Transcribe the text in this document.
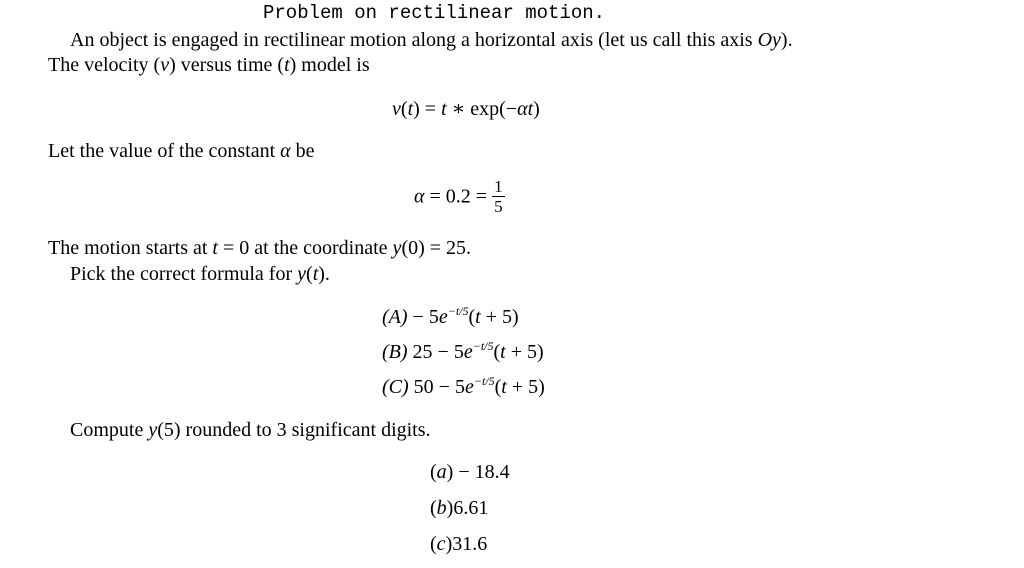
Problem on rectilinear motion.
An object is engaged in rectilinear motion along a horizontal axis (let us call this axis Oy).
The velocity (v) versus time (t) model is
v(t) = t ∗ exp(−αt)
Let the value of the constant α be
$\alpha = 0.2 = \frac{1}{5}$
The motion starts at t = 0 at the coordinate y(0) = 25.
Pick the correct formula for y(t).
$(A) - 5e^{-t/5}(t + 5)$
(B) $25 - 5e^{-t/5}(t + 5)$
(C) $50 - 5e^{-t/5}(t + 5)$
Compute y(5) rounded to 3 significant digits.
(a) − 18.4
(b)6.61
(c)31.6
